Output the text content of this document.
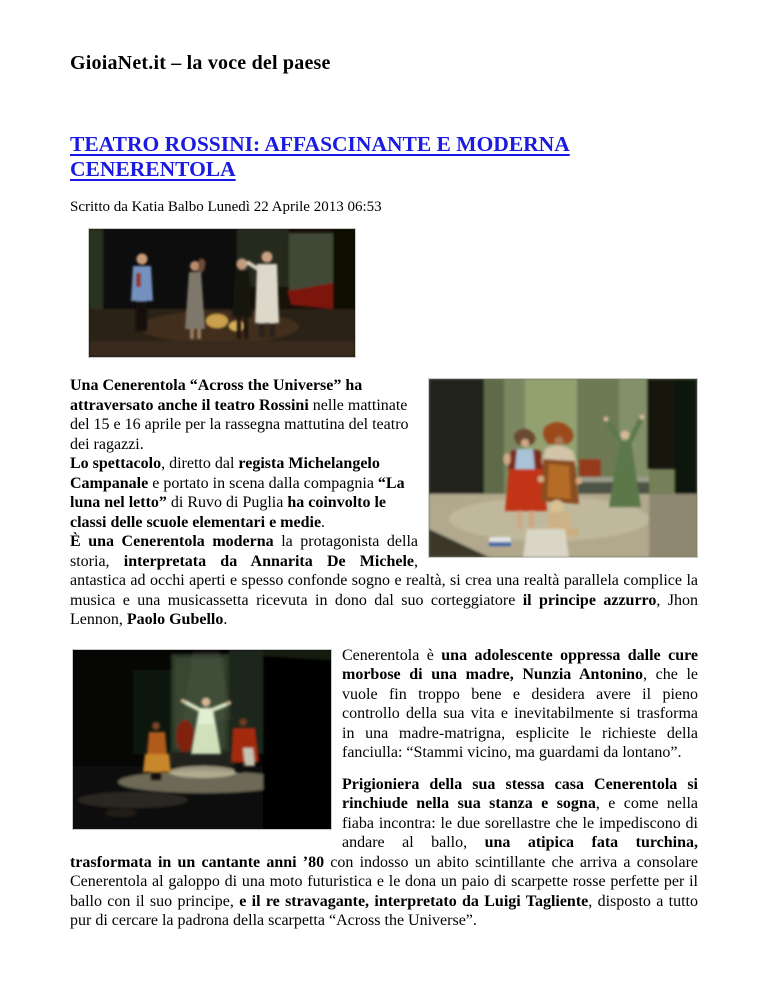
GioiaNet.it – la voce del paese
TEATRO ROSSINI: AFFASCINANTE E MODERNA CENERENTOLA
Scritto da Katia Balbo Lunedì 22 Aprile 2013 06:53

Una Cenerentola “Across the Universe” ha attraversato anche il teatro Rossini nelle mattinate del 15 e 16 aprile per la rassegna mattutina del teatro dei ragazzi.

Lo spettacolo, diretto dal regista Michelangelo Campanale e portato in scena dalla compagnia “La luna nel letto” di Ruvo di Puglia ha coinvolto le classi delle scuole elementari e medie.

È una Cenerentola moderna la protagonista della storia, interpretata da Annarita De Michele, antastica ad occhi aperti e spesso confonde sogno e realtà, si crea una realtà parallela complice la musica e una musicassetta ricevuta in dono dal suo corteggiatore il principe azzurro, Jhon Lennon, Paolo Gubello.

Cenerentola è una adolescente oppressa dalle cure morbose di una madre, Nunzia Antonino, che le vuole fin troppo bene e desidera avere il pieno controllo della sua vita e inevitabilmente si trasforma in una madre-matrigna, esplicite le richieste della fanciulla: “Stammi vicino, ma guardami da lontano”.

Prigioniera della sua stessa casa Cenerentola si rinchiude nella sua stanza e sogna, e come nella fiaba incontra: le due sorellastre che le impediscono di andare al ballo, una atipica fata turchina, trasformata in un cantante anni ’80 con indosso un abito scintillante che arriva a consolare Cenerentola al galoppo di una moto futuristica e le dona un paio di scarpette rosse perfette per il ballo con il suo principe, e il re stravagante, interpretato da Luigi Tagliente, disposto a tutto pur di cercare la padrona della scarpetta “Across the Universe”.
